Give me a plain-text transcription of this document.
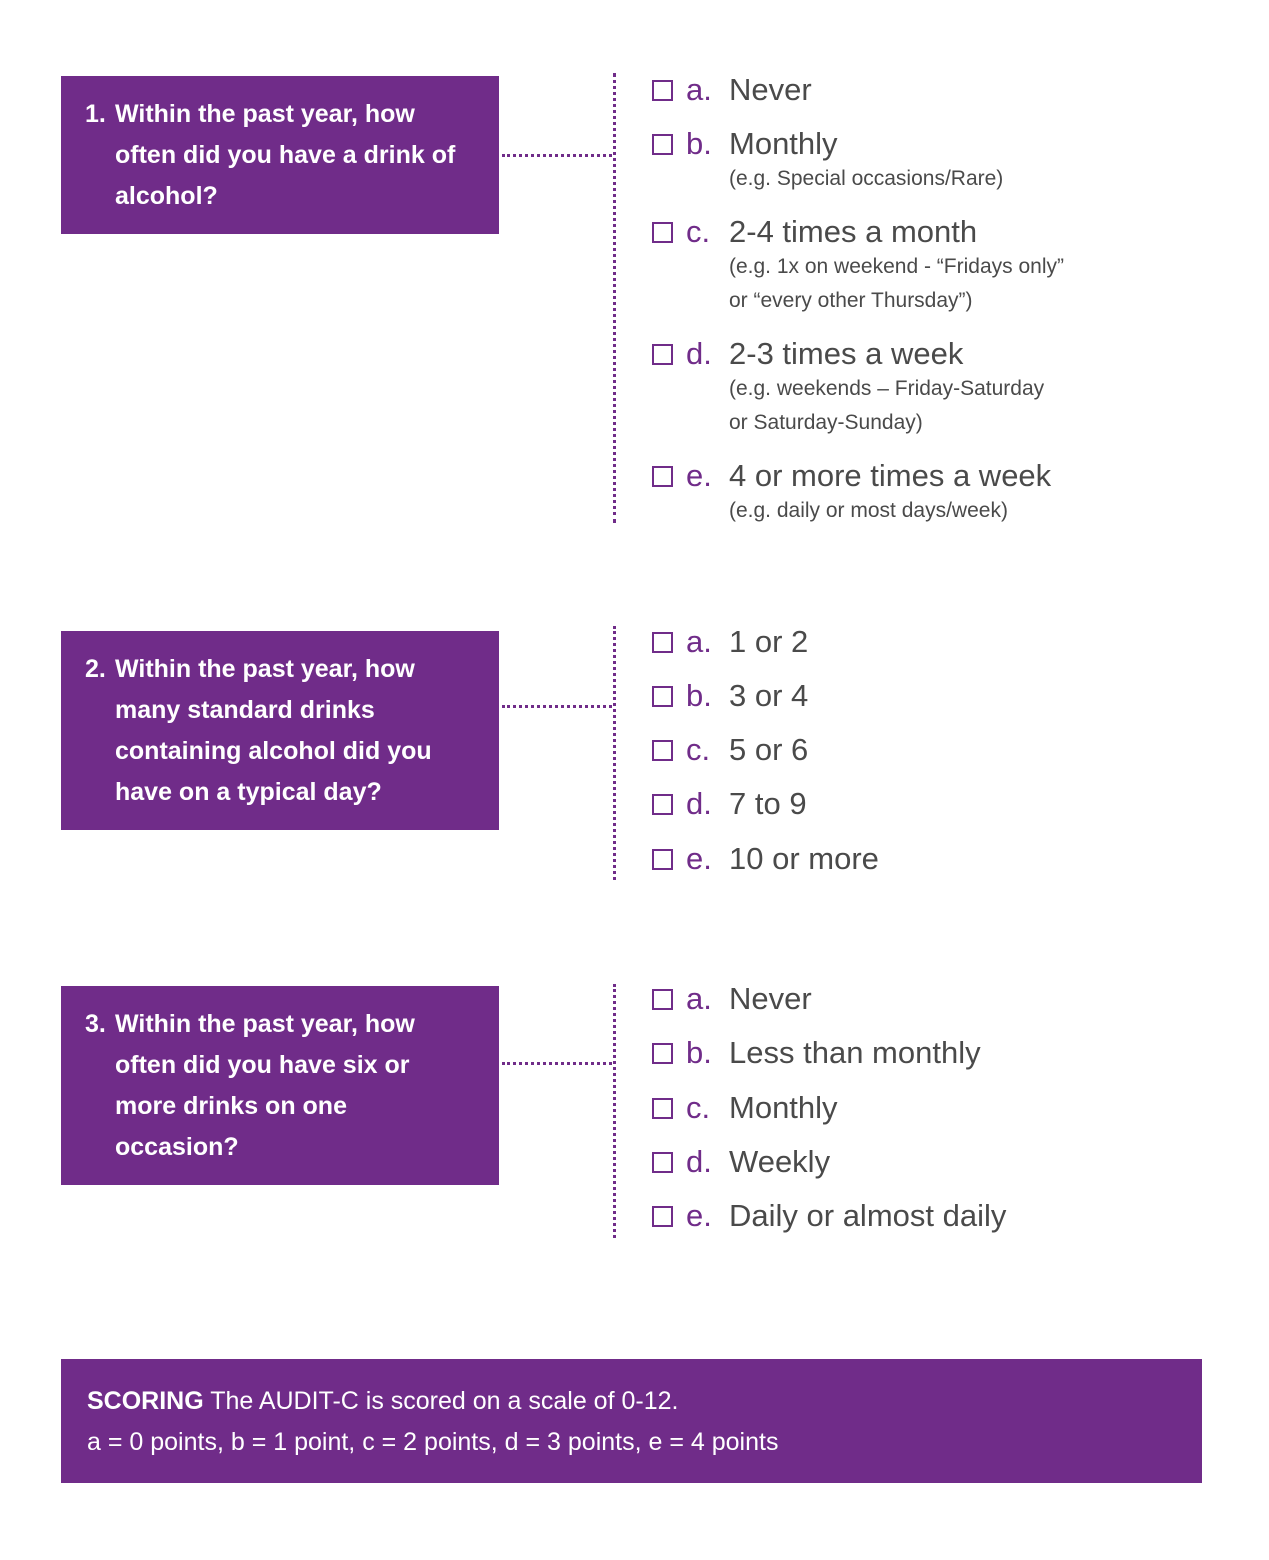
1. Within the past year, how often did you have a drink of alcohol?
a. Never
b. Monthly
(e.g. Special occasions/Rare)
c. 2-4 times a month
(e.g. 1x on weekend - “Fridays only”
or “every other Thursday”)
d. 2-3 times a week
(e.g. weekends – Friday-Saturday
or Saturday-Sunday)
e. 4 or more times a week
(e.g. daily or most days/week)
2. Within the past year, how many standard drinks containing alcohol did you have on a typical day?
a. 1 or 2
b. 3 or 4
c. 5 or 6
d. 7 to 9
e. 10 or more
3. Within the past year, how often did you have six or more drinks on one occasion?
a. Never
b. Less than monthly
c. Monthly
d. Weekly
e. Daily or almost daily
SCORING The AUDIT-C is scored on a scale of 0-12.
a = 0 points, b = 1 point, c = 2 points, d = 3 points, e = 4 points
